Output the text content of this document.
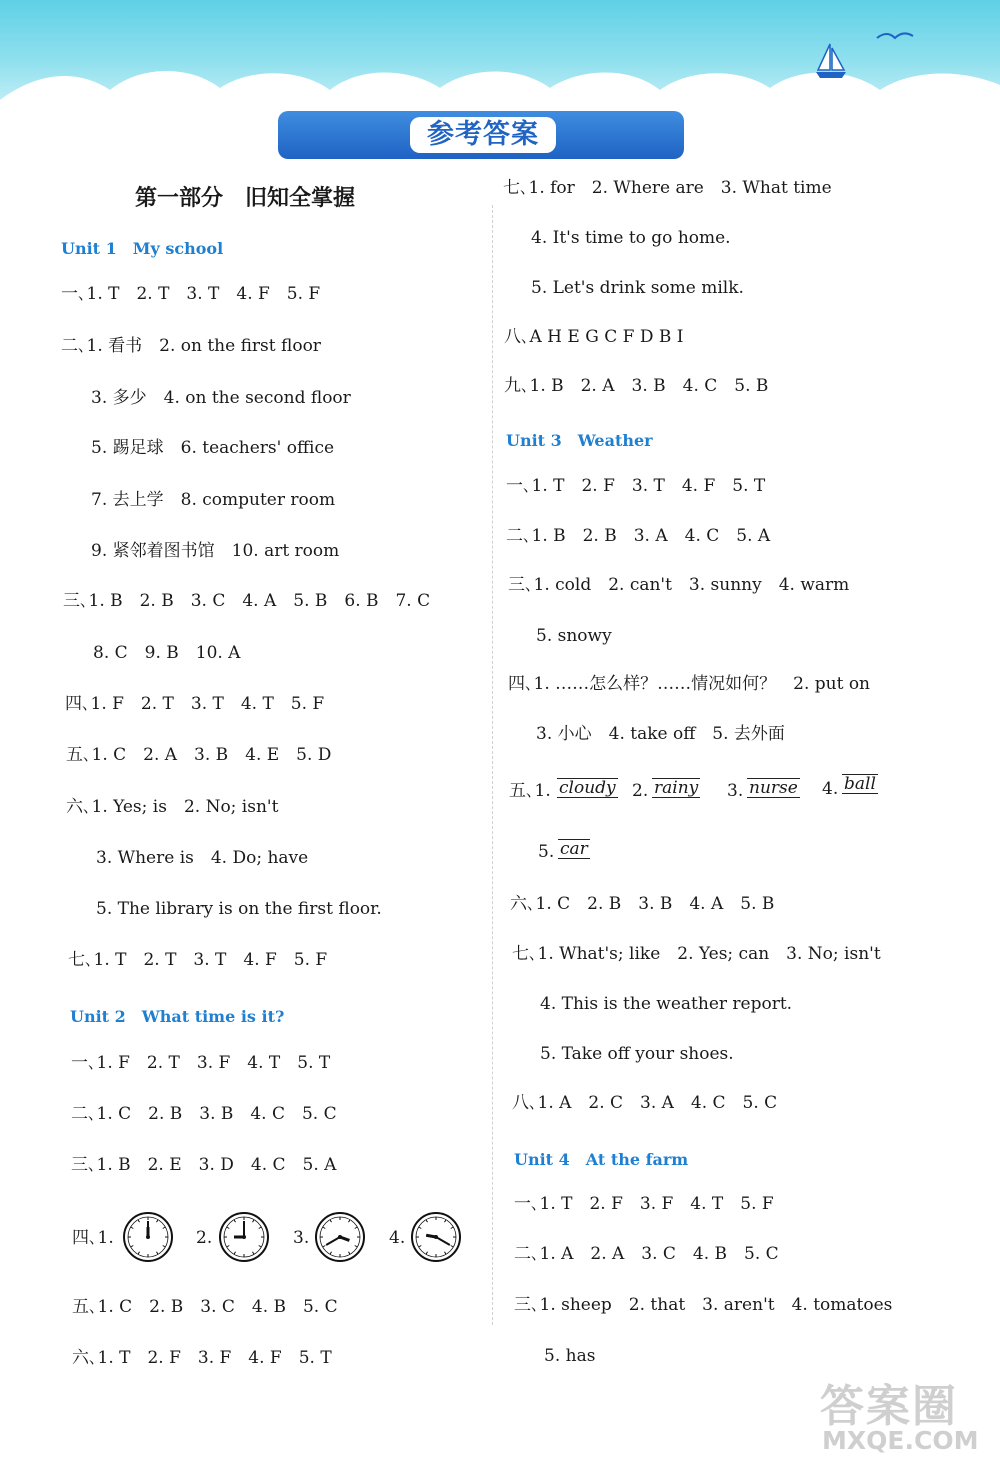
参考答案
第一部分　旧知全掌握
Unit 1　My school
一､1. T　2. T　3. T　4. F　5. F
二､1. 看书　2. on the first floor
3. 多少　4. on the second floor
5. 踢足球　6. teachers' office
7. 去上学　8. computer room
9. 紧邻着图书馆　10. art room
三､1. B　2. B　3. C　4. A　5. B　6. B　7. C
8. C　9. B　10. A
四､1. F　2. T　3. T　4. T　5. F
五､1. C　2. A　3. B　4. E　5. D
六､1. Yes; is　2. No; isn't
3. Where is　4. Do; have
5. The library is on the first floor.
七､1. T　2. T　3. T　4. F　5. F
Unit 2　What time is it?
一､1. F　2. T　3. F　4. T　5. T
二､1. C　2. B　3. B　4. C　5. C
三､1. B　2. E　3. D　4. C　5. A
四､1.	2.	3.	4.
五､1. C　2. B　3. C　4. B　5. C
六､1. T　2. F　3. F　4. F　5. T
七､1. for　2. Where are　3. What time
4. It's time to go home.
5. Let's drink some milk.
八､A H E G C F D B I
九､1. B　2. A　3. B　4. C　5. B
Unit 3　Weather
一､1. T　2. F　3. T　4. F　5. T
二､1. B　2. B　3. A　4. C　5. A
三､1. cold　2. can't　3. sunny　4. warm
5. snowy
四､1. ……怎么样？……情况如何？　2. put on
3. 小心　4. take off　5. 去外面
五､1. cloudy 2. rainy 3. nurse 4. ball
5. car
六､1. C　2. B　3. B　4. A　5. B
七､1. What's; like　2. Yes; can　3. No; isn't
4. This is the weather report.
5. Take off your shoes.
八､1. A　2. C　3. A　4. C　5. C
Unit 4　At the farm
一､1. T　2. F　3. F　4. T　5. F
二､1. A　2. A　3. C　4. B　5. C
三､1. sheep　2. that　3. aren't　4. tomatoes
5. has
答案圈
MXQE.COM
